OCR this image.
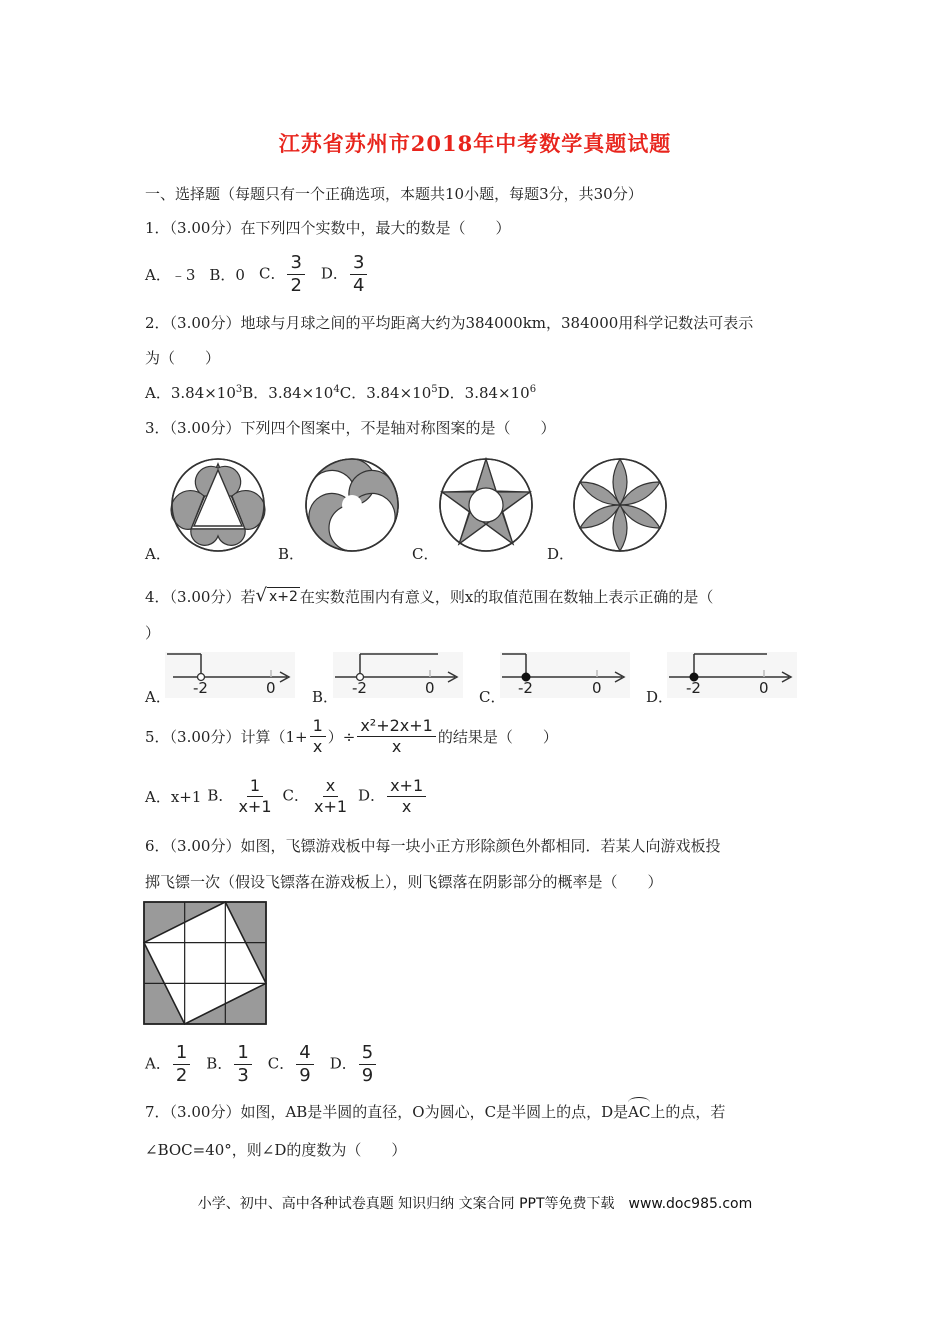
江苏省苏州市2018年中考数学真题试题
一、选择题（每题只有一个正确选项，本题共10小题，每题3分，共30分）
1．（3.00分）在下列四个实数中，最大的数是（　　）
A．﹣3 B．0 C． $\frac{3}{2}$ D． $\frac{3}{4}$
2．（3.00分）地球与月球之间的平均距离大约为384000km，384000用科学记数法可表示
为（　　）
A．$3.84\times 10^3B$．$3.84\times 10^4C$．$3.84\times 10^5D$．$3.84\times 10^6$
3．（3.00分）下列四个图案中，不是轴对称图案的是（　　）
A．	B．	C．	D．
4．（3.00分）若 √ x+2 在实数范围内有意义，则x的取值范围在数轴上表示正确的是（
）
-2	0	-2	0	-2	0	-2	0
A．	B．	C．	D．
5．（3.00分）计算（$1+ \frac{1}{x}$ ）÷ $\frac{\text{x²+2x+1}}{x}$ 的结果是（　　）
A．x+1 B． $\frac{1}{x+1}$ C． $\frac{x}{x+1}$ D． $\frac{x+1}{x}$
6．（3.00分）如图，飞镖游戏板中每一块小正方形除颜色外都相同．若某人向游戏板投
掷飞镖一次（假设飞镖落在游戏板上），则飞镖落在阴影部分的概率是（　　）
A． $\frac{1}{2}$ B． $\frac{1}{3}$ C． $\frac{4}{9}$ D． $\frac{5}{9}$
7．（3.00分）如图，AB是半圆的直径，O为圆心，C是半圆上的点，D是AC上的点，若
∠BOC=40°，则∠D的度数为（　　）
小学、初中、高中各种试卷真题 知识归纳 文案合同 PPT等免费下载　www.doc985.com
